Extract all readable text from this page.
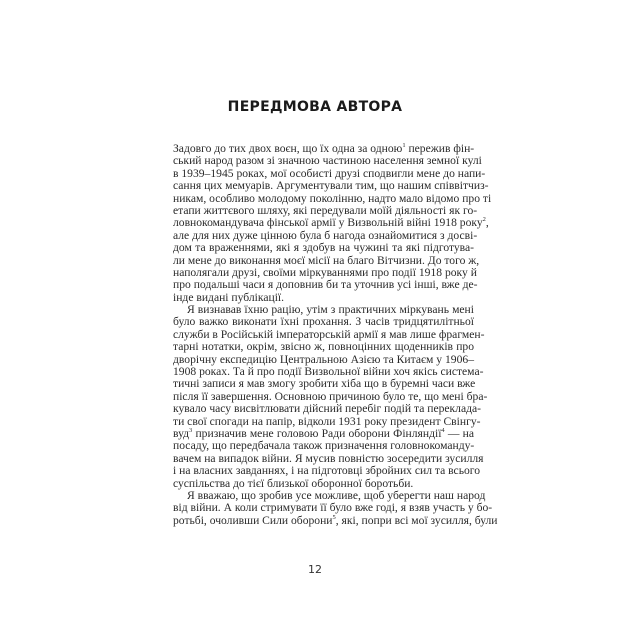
ПЕРЕДМОВА АВТОРА
Задовго до тих двох воєн, що їх одна за одною$^1$ пережив фін-
ський народ разом зі значною частиною населення земної кулі
в 1939–1945 роках, мої особисті друзі сподвигли мене до напи-
сання цих мемуарів. Аргументували тим, що нашим співвітчиз-
никам, особливо молодому поколінню, надто мало відомо про ті
етапи життєвого шляху, які передували моїй діяльності як го-
ловнокомандувача фінської армії у Визвольній війні 1918 року$^2$,
але для них дуже цінною була б нагода ознайомитися з досві-
дом та враженнями, які я здобув на чужині та які підготува-
ли мене до виконання моєї місії на благо Вітчизни. До того ж,
наполягали друзі, своїми міркуваннями про події 1918 року й
про подальші часи я доповнив би та уточнив усі інші, вже де-
інде видані публікації.
Я визнавав їхню рацію, утім з практичних міркувань мені
було важко виконати їхні прохання. З часів тридцятилітньої
служби в Російській імператорській армії я мав лише фрагмен-
тарні нотатки, окрім, звісно ж, повноцінних щоденників про
дворічну експедицію Центральною Азією та Китаєм у 1906–
1908 роках. Та й про події Визвольної війни хоч якісь система-
тичні записи я мав змогу зробити хіба що в буремні часи вже
після її завершення. Основною причиною було те, що мені бра-
кувало часу висвітлювати дійсний перебіг подій та переклада-
ти свої спогади на папір, відколи 1931 року президент Свінгу-
вуд$^3$ призначив мене головою Ради оборони Фінляндії$^4$ — на
посаду, що передбачала також призначення головнокоманду-
вачем на випадок війни. Я мусив повністю зосередити зусилля
і на власних завданнях, і на підготовці збройних сил та всього
суспільства до тієї близької оборонної боротьби.
Я вважаю, що зробив усе можливе, щоб уберегти наш народ
від війни. А коли стримувати її було вже годі, я взяв участь у бо-
ротьбі, очоливши Сили оборони$^5$, які, попри всі мої зусилля, були
12
